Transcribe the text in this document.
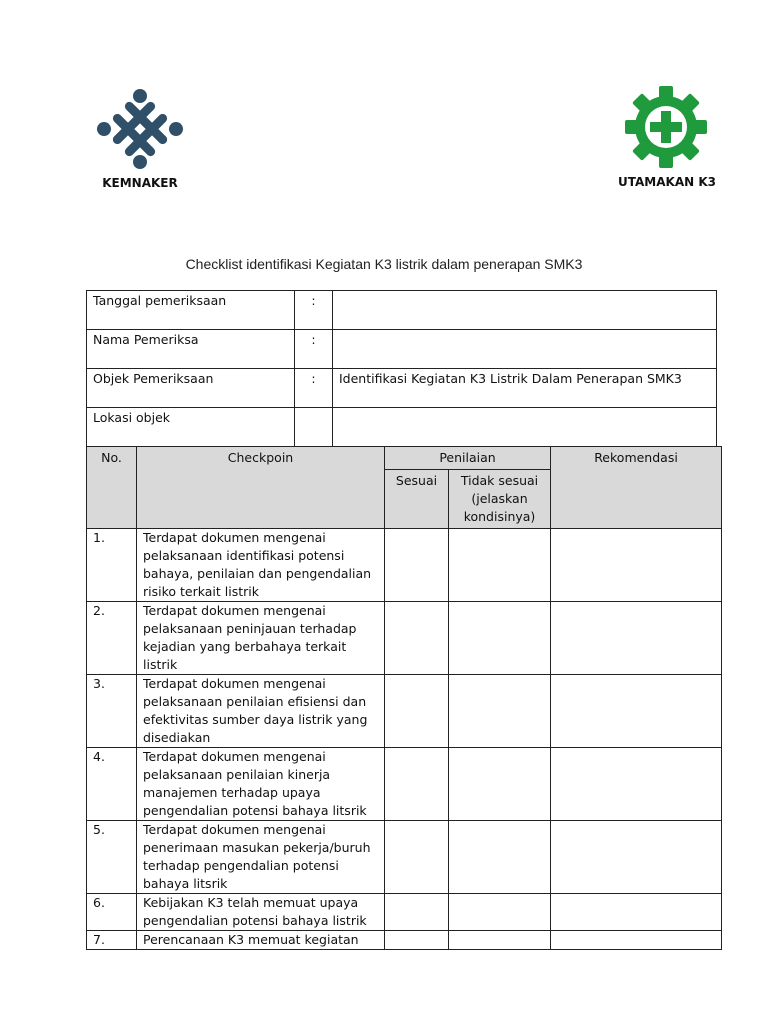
KEMNAKER	UTAMAKAN K3
Checklist identifikasi Kegiatan K3 listrik dalam penerapan SMK3
Tanggal pemeriksaan	:	
Nama Pemeriksa	:	
Objek Pemeriksaan	:	Identifikasi Kegiatan K3 Listrik Dalam Penerapan SMK3
Lokasi objek		
No.	Checkpoin	Penilaian		Rekomendasi
		Sesuai	Tidak sesuai (jelaskan kondisinya)	
1.	Terdapat dokumen mengenai pelaksanaan identifikasi potensi bahaya, penilaian dan pengendalian risiko terkait listrik			
2.	Terdapat dokumen mengenai pelaksanaan peninjauan terhadap kejadian yang berbahaya terkait listrik			
3.	Terdapat dokumen mengenai pelaksanaan penilaian efisiensi dan efektivitas sumber daya listrik yang disediakan			
4.	Terdapat dokumen mengenai pelaksanaan penilaian kinerja manajemen terhadap upaya pengendalian potensi bahaya litsrik			
5.	Terdapat dokumen mengenai penerimaan masukan pekerja/buruh terhadap pengendalian potensi bahaya litsrik			
6.	Kebijakan K3 telah memuat upaya pengendalian potensi bahaya listrik			
7.	Perencanaan K3 memuat kegiatan			
